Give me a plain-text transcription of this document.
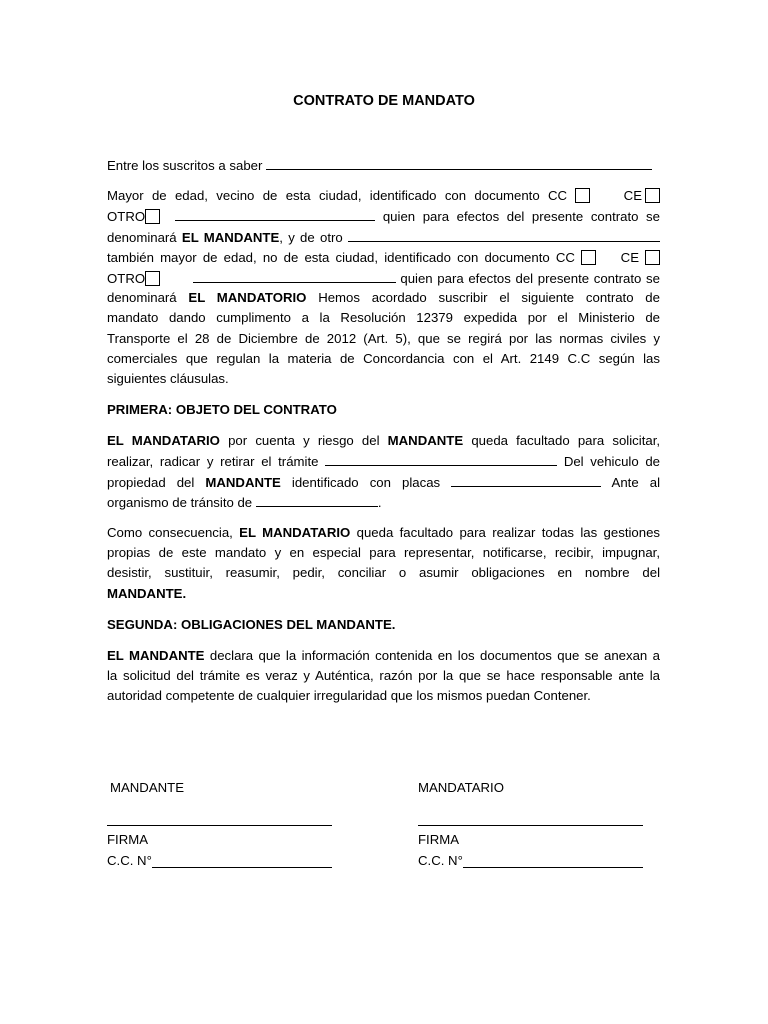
CONTRATO DE MANDATO
Entre los suscritos a saber
Mayor de edad, vecino de esta ciudad, identificado con documento CC	CE
OTRO	quien para efectos del presente contrato se
denominará EL MANDANTE, y de otro
también mayor de edad, no de esta ciudad, identificado con documento CC	CE
OTRO	quien para efectos del presente contrato se
denominará EL MANDATORIO Hemos acordado suscribir el siguiente contrato de
mandato dando cumplimento a la Resolución 12379 expedida por el Ministerio de
Transporte el 28 de Diciembre de 2012 (Art. 5), que se regirá por las normas civiles y
comerciales que regulan la materia de Concordancia con el Art. 2149 C.C según las
siguientes cláusulas.
PRIMERA: OBJETO DEL CONTRATO
EL MANDATARIO por cuenta y riesgo del MANDANTE queda facultado para solicitar,
realizar, radicar y retirar el trámite	Del vehiculo de
propiedad del MANDANTE identificado con placas	Ante al
organismo de tránsito de	.
Como consecuencia, EL MANDATARIO queda facultado para realizar todas las gestiones
propias de este mandato y en especial para representar, notificarse, recibir, impugnar,
desistir, sustituir, reasumir, pedir, conciliar o asumir obligaciones en nombre del
MANDANTE.
SEGUNDA: OBLIGACIONES DEL MANDANTE.
EL MANDANTE declara que la información contenida en los documentos que se anexan a
la solicitud del trámite es veraz y Auténtica, razón por la que se hace responsable ante la
autoridad competente de cualquier irregularidad que los mismos puedan Contener.
MANDANTE	MANDATARIO
FIRMA	FIRMA
C.C. N°	C.C. N°
